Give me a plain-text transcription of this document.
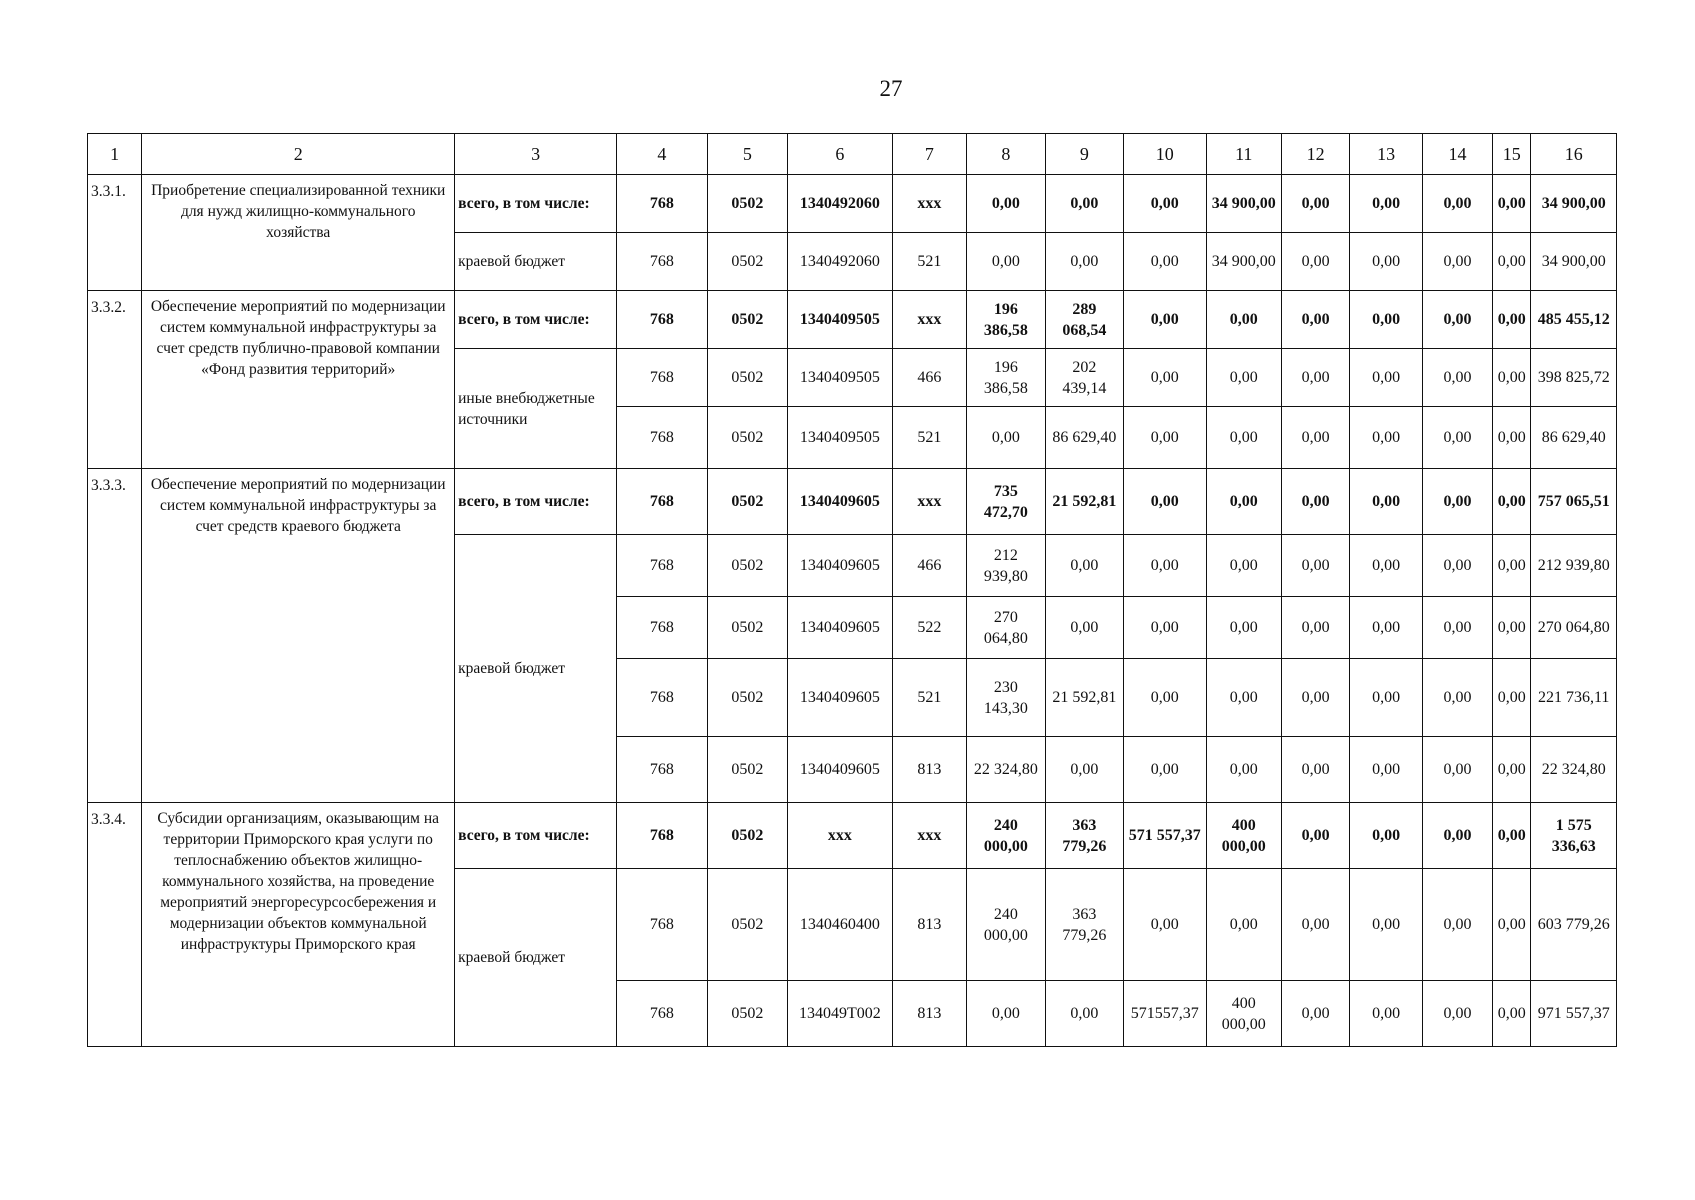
27
1	2	3	4	5	6	7	8	9	10	11	12	13	14	15	16
3.3.1.	Приобретение специализированной техники для нужд жилищно-коммунального хозяйства	всего, в том числе:	768	0502	1340492060	xxx	0,00	0,00	0,00	34 900,00	0,00	0,00	0,00	0,00	34 900,00
		краевой бюджет	768	0502	1340492060	521	0,00	0,00	0,00	34 900,00	0,00	0,00	0,00	0,00	34 900,00
3.3.2.	Обеспечение мероприятий по модернизации систем коммунальной инфраструктуры за счет средств публично-правовой компании «Фонд развития территорий»	всего, в том числе:	768	0502	1340409505	xxx	196 386,58	289 068,54	0,00	0,00	0,00	0,00	0,00	0,00	485 455,12
		иные внебюджетные источники	768	0502	1340409505	466	196 386,58	202 439,14	0,00	0,00	0,00	0,00	0,00	0,00	398 825,72
			768	0502	1340409505	521	0,00	86 629,40	0,00	0,00	0,00	0,00	0,00	0,00	86 629,40
3.3.3.	Обеспечение мероприятий по модернизации систем коммунальной инфраструктуры за счет средств краевого бюджета	всего, в том числе:	768	0502	1340409605	xxx	735 472,70	21 592,81	0,00	0,00	0,00	0,00	0,00	0,00	757 065,51
		краевой бюджет	768	0502	1340409605	466	212 939,80	0,00	0,00	0,00	0,00	0,00	0,00	0,00	212 939,80
			768	0502	1340409605	522	270 064,80	0,00	0,00	0,00	0,00	0,00	0,00	0,00	270 064,80
			768	0502	1340409605	521	230 143,30	21 592,81	0,00	0,00	0,00	0,00	0,00	0,00	221 736,11
			768	0502	1340409605	813	22 324,80	0,00	0,00	0,00	0,00	0,00	0,00	0,00	22 324,80
3.3.4.	Субсидии организациям, оказывающим на территории Приморского края услуги по теплоснабжению объектов жилищно-коммунального хозяйства, на проведение мероприятий энергоресурсосбережения и модернизации объектов коммунальной инфраструктуры Приморского края	всего, в том числе:	768	0502	xxx	xxx	240 000,00	363 779,26	571 557,37	400 000,00	0,00	0,00	0,00	0,00	1 575 336,63
		краевой бюджет	768	0502	1340460400	813	240 000,00	363 779,26	0,00	0,00	0,00	0,00	0,00	0,00	603 779,26
			768	0502	134049T002	813	0,00	0,00	571557,37	400 000,00	0,00	0,00	0,00	0,00	971 557,37
